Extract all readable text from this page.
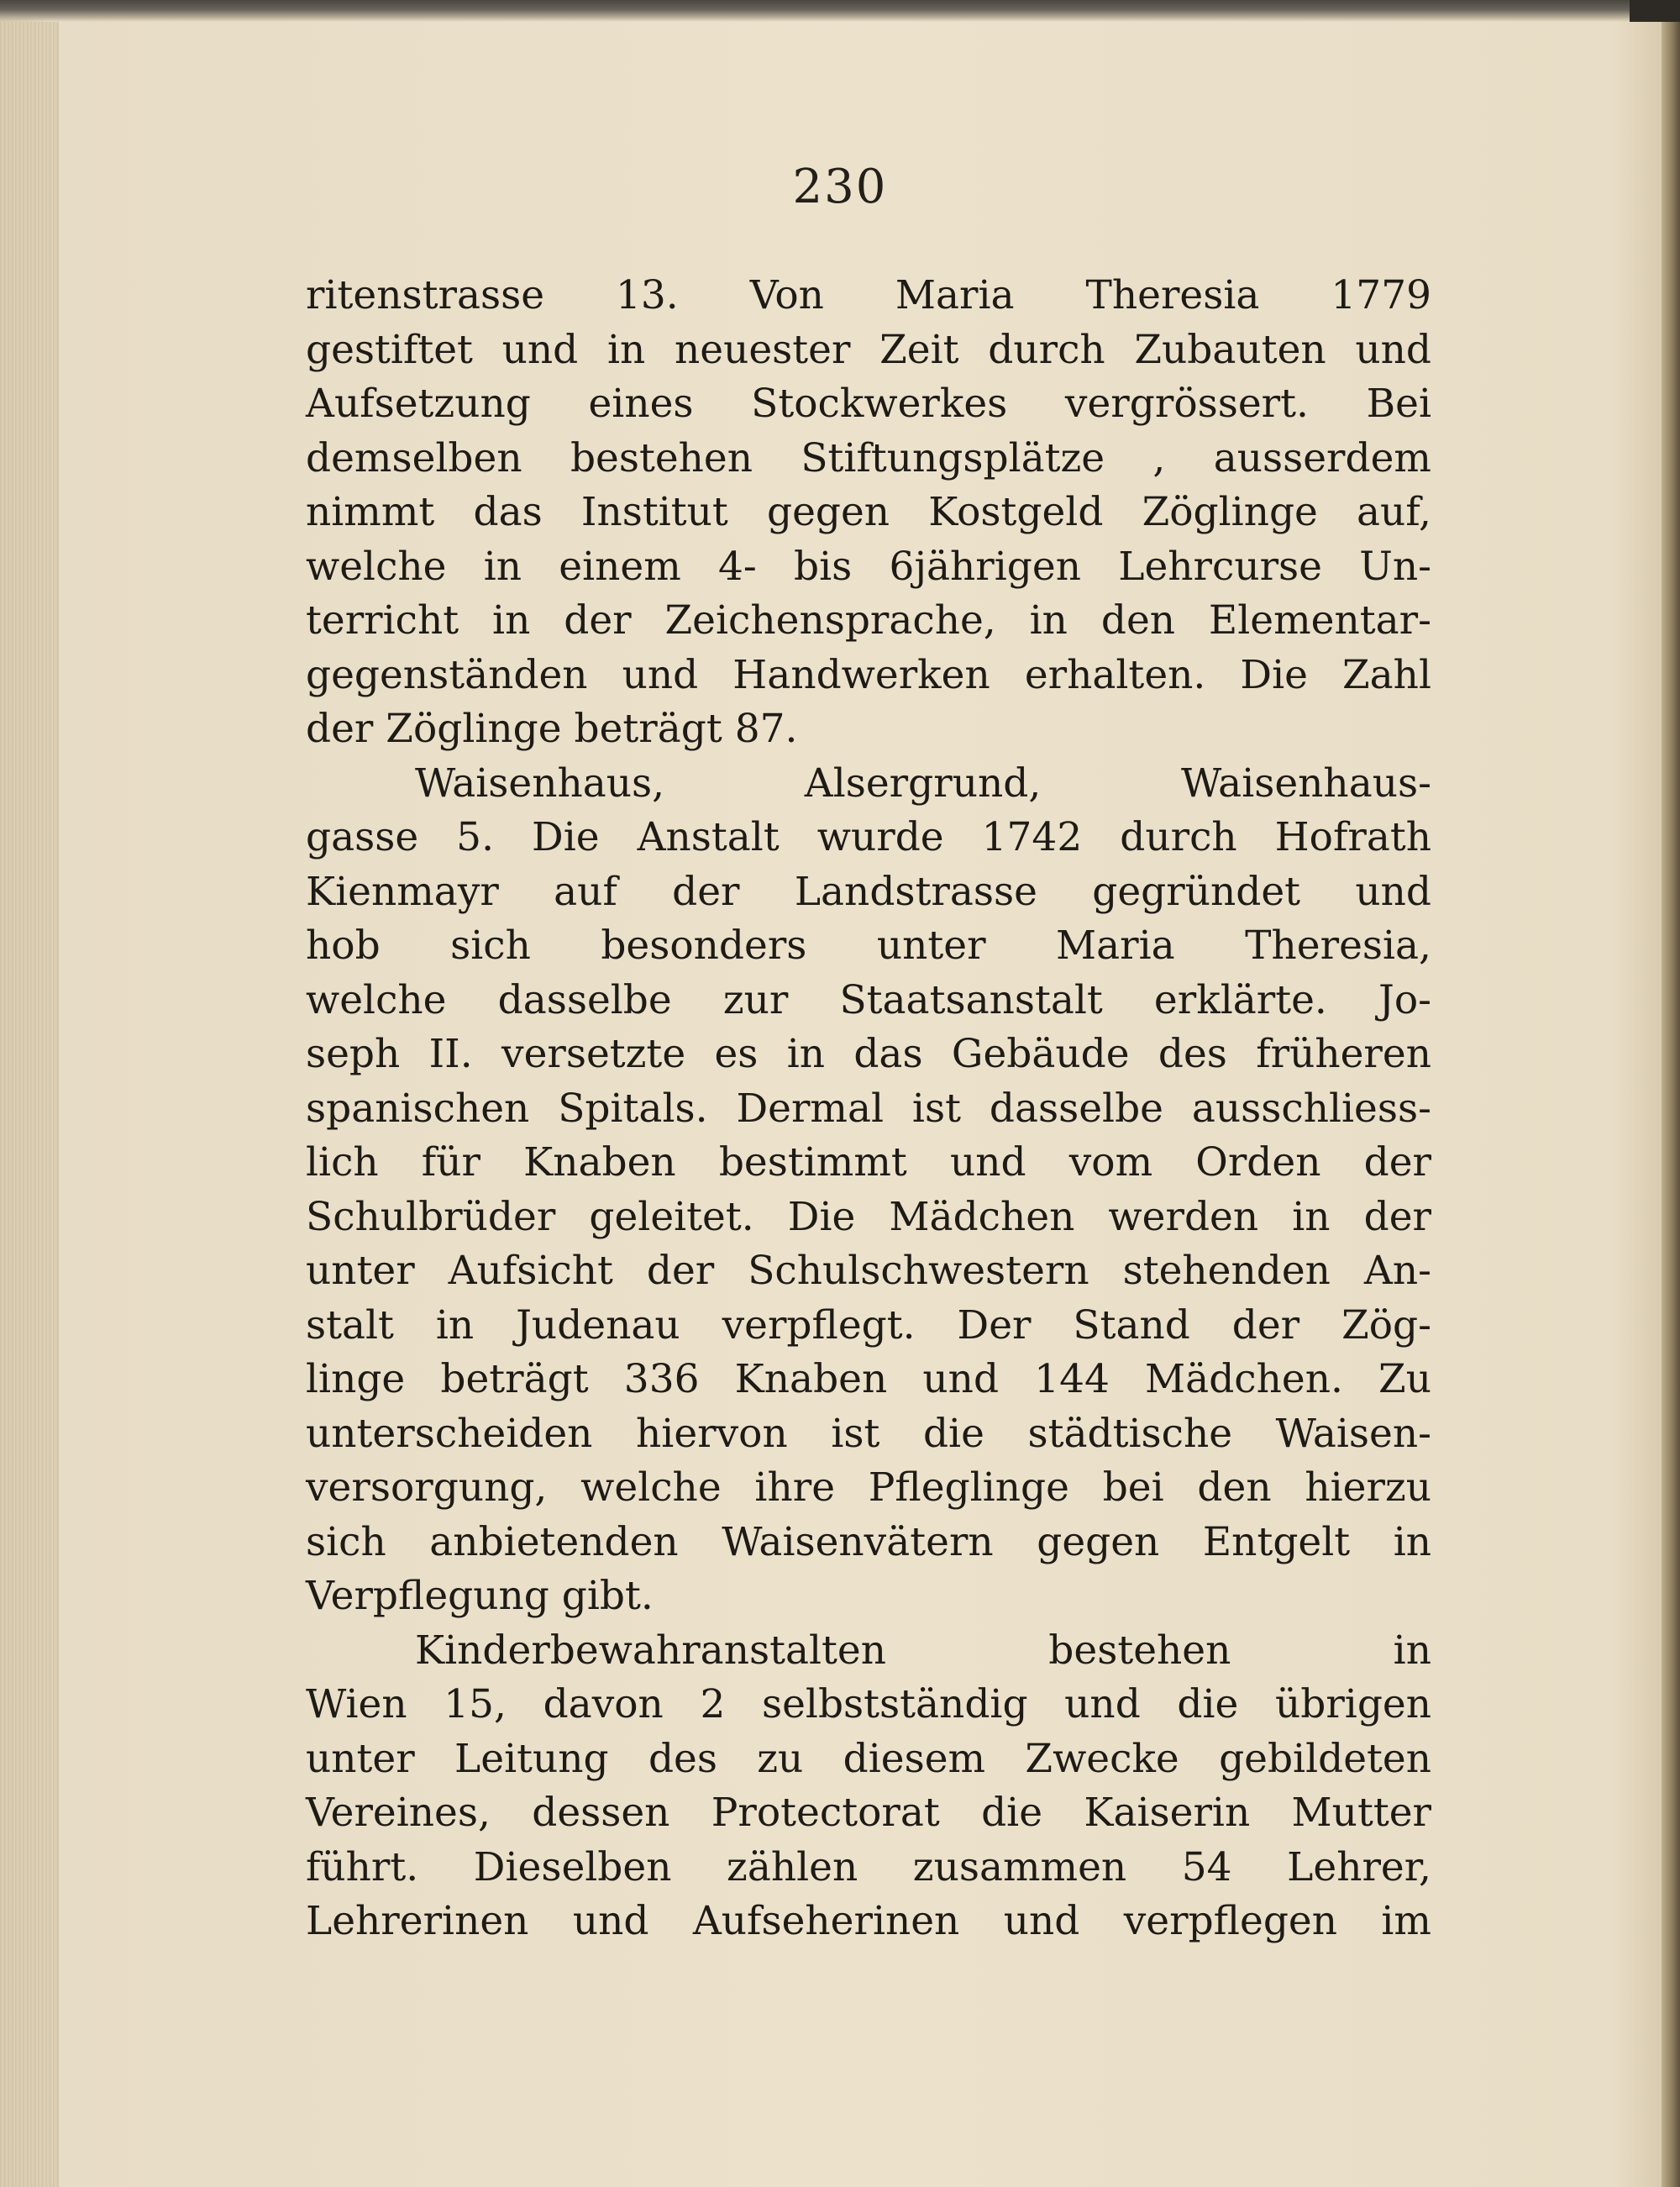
230
ritenstrasse 13. Von Maria Theresia 1779
gestiftet und in neuester Zeit durch Zubauten und
Aufsetzung eines Stockwerkes vergrössert. Bei
demselben bestehen Stiftungsplätze , ausserdem
nimmt das Institut gegen Kostgeld Zöglinge auf,
welche in einem 4- bis 6jährigen Lehrcurse Un-
terricht in der Zeichensprache, in den Elementar-
gegenständen und Handwerken erhalten. Die Zahl
der Zöglinge beträgt 87.
Waisenhaus, Alsergrund, Waisenhaus-
gasse 5. Die Anstalt wurde 1742 durch Hofrath
Kienmayr auf der Landstrasse gegründet und
hob sich besonders unter Maria Theresia,
welche dasselbe zur Staatsanstalt erklärte. Jo-
seph II. versetzte es in das Gebäude des früheren
spanischen Spitals. Dermal ist dasselbe ausschliess-
lich für Knaben bestimmt und vom Orden der
Schulbrüder geleitet. Die Mädchen werden in der
unter Aufsicht der Schulschwestern stehenden An-
stalt in Judenau verpflegt. Der Stand der Zög-
linge beträgt 336 Knaben und 144 Mädchen. Zu
unterscheiden hiervon ist die städtische Waisen-
versorgung, welche ihre Pfleglinge bei den hierzu
sich anbietenden Waisenvätern gegen Entgelt in
Verpflegung gibt.
Kinderbewahranstalten bestehen in
Wien 15, davon 2 selbstständig und die übrigen
unter Leitung des zu diesem Zwecke gebildeten
Vereines, dessen Protectorat die Kaiserin Mutter
führt. Dieselben zählen zusammen 54 Lehrer,
Lehrerinen und Aufseherinen und verpflegen im
